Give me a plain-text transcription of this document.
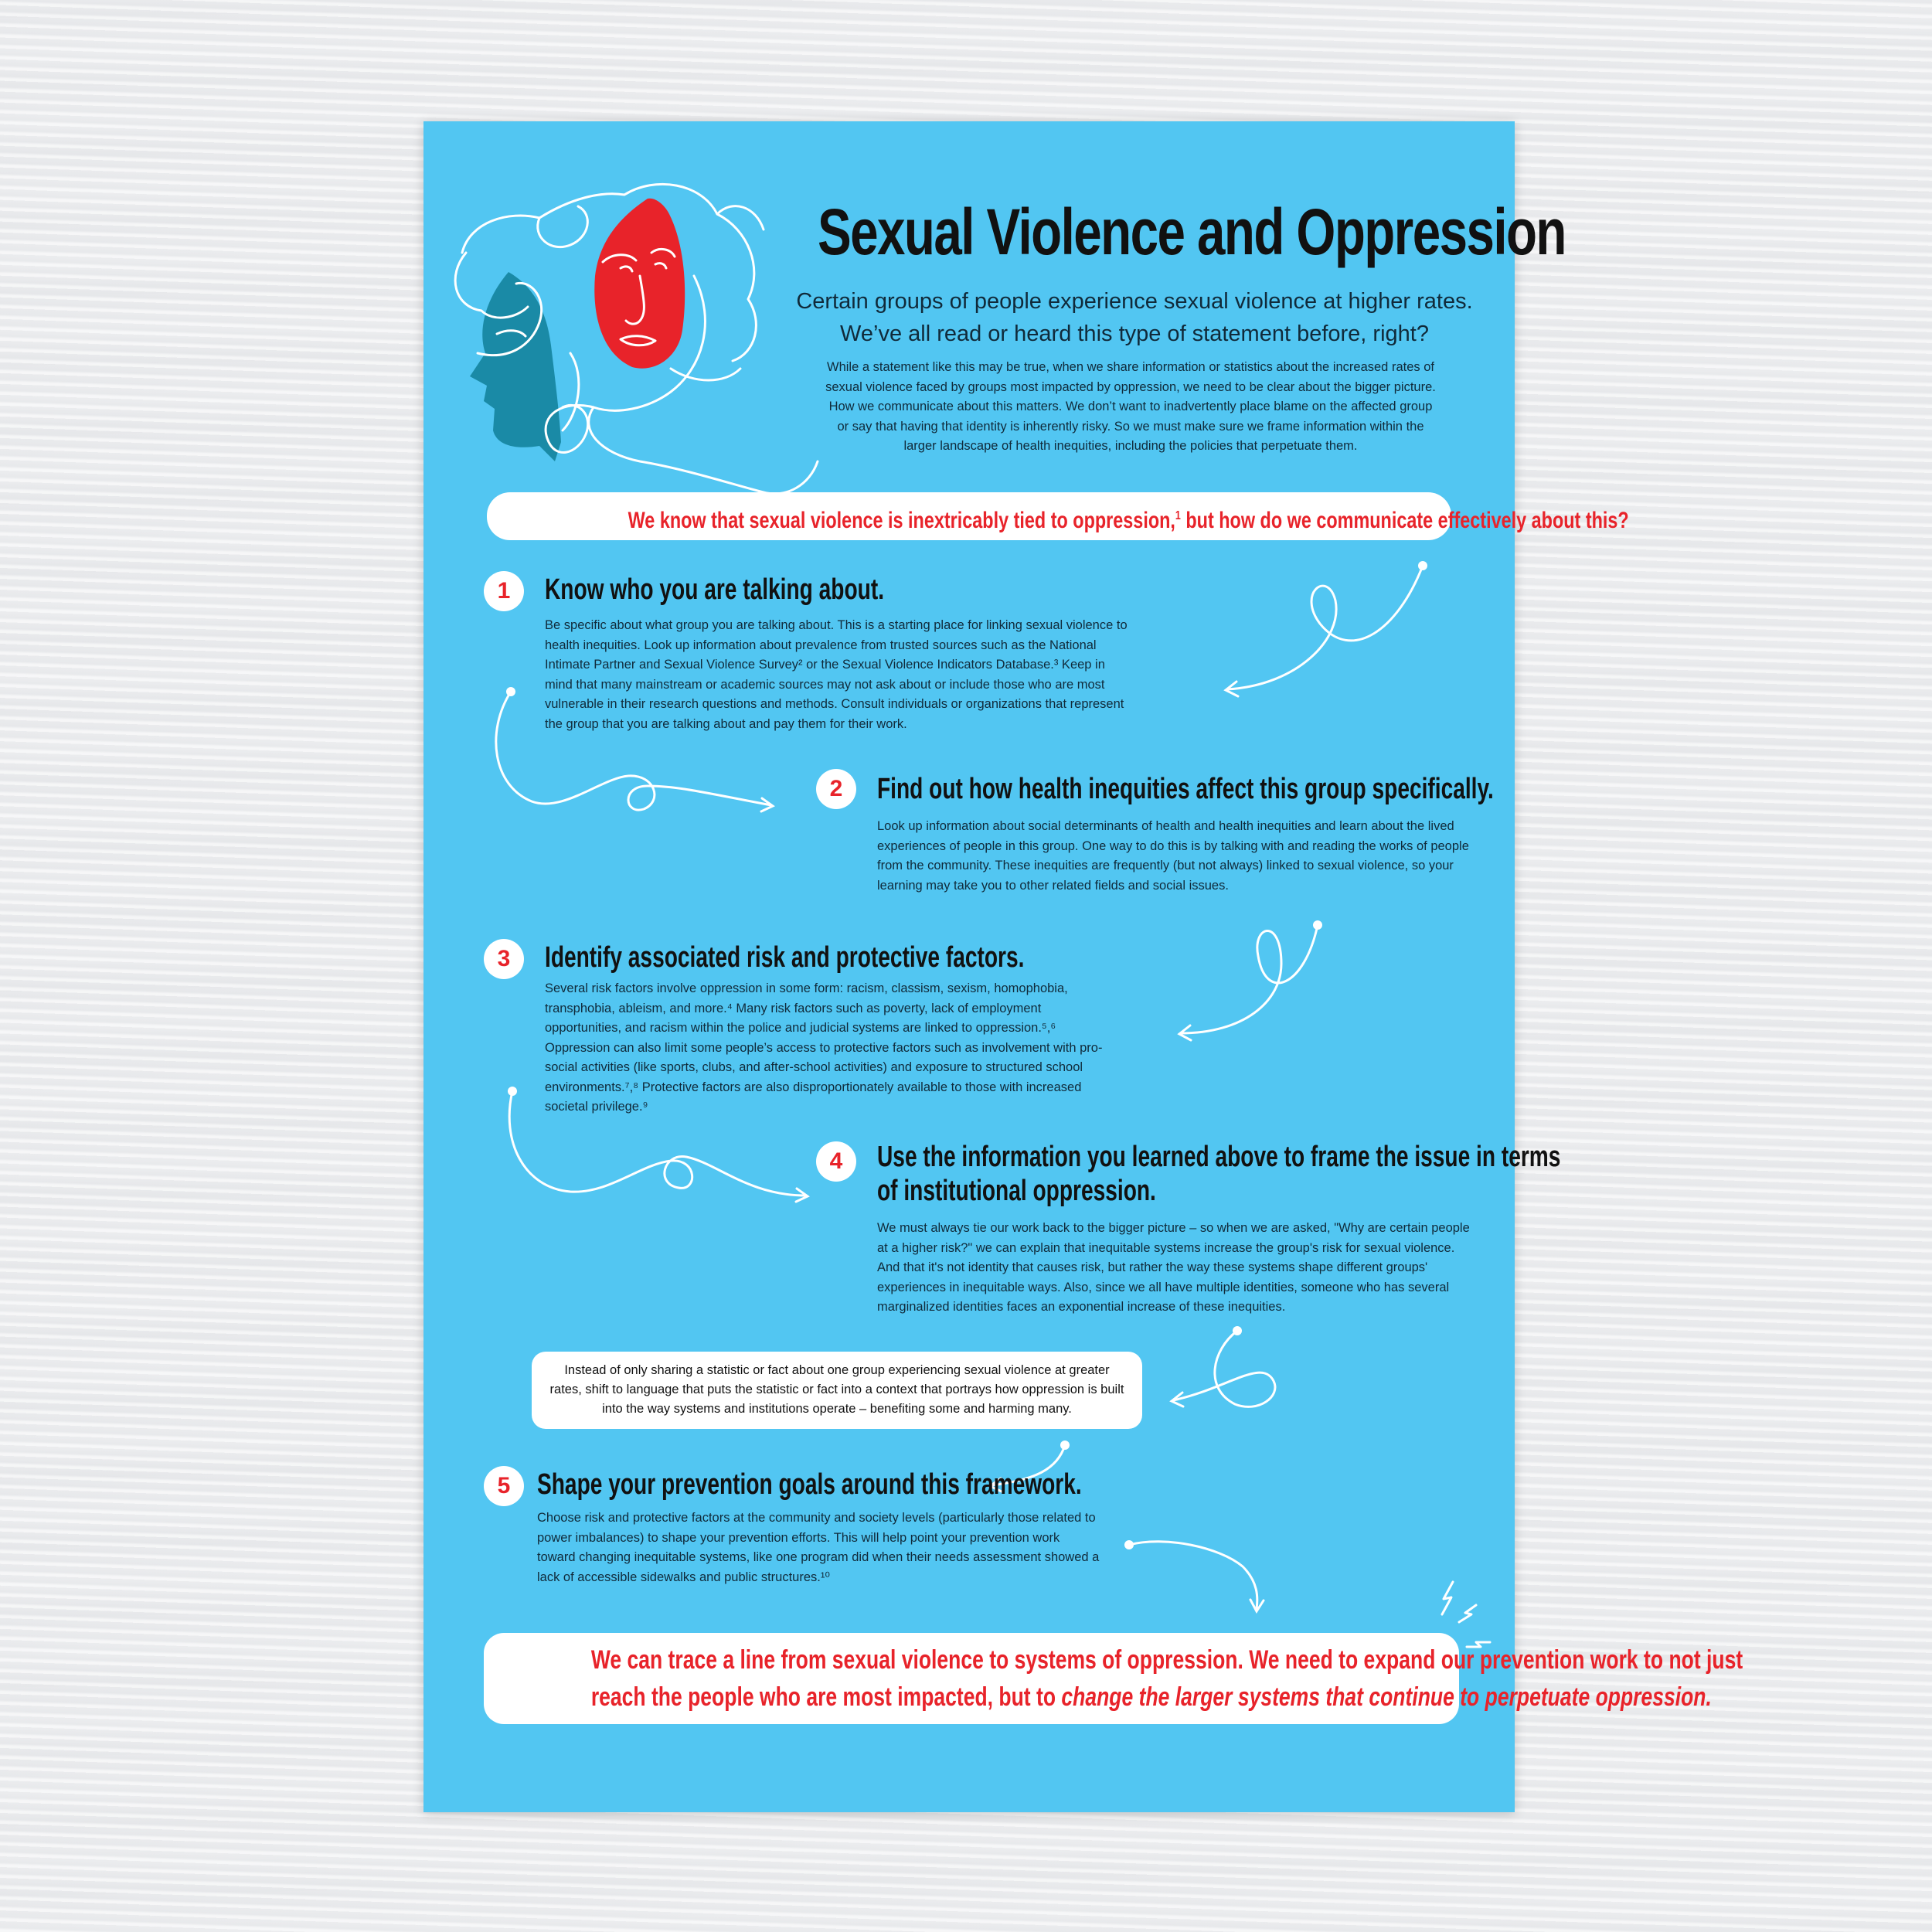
Sexual Violence and Oppression

Certain groups of people experience sexual violence at higher rates.
We’ve all read or heard this type of statement before, right?

While a statement like this may be true, when we share information or statistics about the increased rates of sexual violence faced by groups most impacted by oppression, we need to be clear about the bigger picture. How we communicate about this matters. We don’t want to inadvertently place blame on the affected group or say that having that identity is inherently risky. So we must make sure we frame information within the larger landscape of health inequities, including the policies that perpetuate them.

We know that sexual violence is inextricably tied to oppression,$^1$ but how do we communicate effectively about this?
1	Know who you are talking about.

Be specific about what group you are talking about. This is a starting place for linking sexual violence to health inequities. Look up information about prevalence from trusted sources such as the National Intimate Partner and Sexual Violence Survey² or the Sexual Violence Indicators Database.³ Keep in mind that many mainstream or academic sources may not ask about or include those who are most vulnerable in their research questions and methods. Consult individuals or organizations that represent the group that you are talking about and pay them for their work.

2	Find out how health inequities affect this group specifically.

Look up information about social determinants of health and health inequities and learn about the lived experiences of people in this group. One way to do this is by talking with and reading the works of people from the community. These inequities are frequently (but not always) linked to sexual violence, so your learning may take you to other related fields and social issues.

3	Identify associated risk and protective factors.

Several risk factors involve oppression in some form: racism, classism, sexism, homophobia, transphobia, ableism, and more.⁴ Many risk factors such as poverty, lack of employment opportunities, and racism within the police and judicial systems are linked to oppression.⁵,⁶ Oppression can also limit some people’s access to protective factors such as involvement with pro-social activities (like sports, clubs, and after-school activities) and exposure to structured school environments.⁷,⁸ Protective factors are also disproportionately available to those with increased societal privilege.⁹

4	Use the information you learned above to frame the issue in terms
of institutional oppression.

We must always tie our work back to the bigger picture – so when we are asked, "Why are certain people at a higher risk?" we can explain that inequitable systems increase the group's risk for sexual violence. And that it's not identity that causes risk, but rather the way these systems shape different groups' experiences in inequitable ways. Also, since we all have multiple identities, someone who has several marginalized identities faces an exponential increase of these inequities.

Instead of only sharing a statistic or fact about one group experiencing sexual violence at greater rates, shift to language that puts the statistic or fact into a context that portrays how oppression is built into the way systems and institutions operate – benefiting some and harming many.
5 Shape your prevention goals around this framework.

Choose risk and protective factors at the community and society levels (particularly those related to power imbalances) to shape your prevention efforts. This will help point your prevention work toward changing inequitable systems, like one program did when their needs assessment showed a lack of accessible sidewalks and public structures.¹⁰

We can trace a line from sexual violence to systems of oppression. We need to expand our prevention work to not just
reach the people who are most impacted, but to change the larger systems that continue to perpetuate oppression.
